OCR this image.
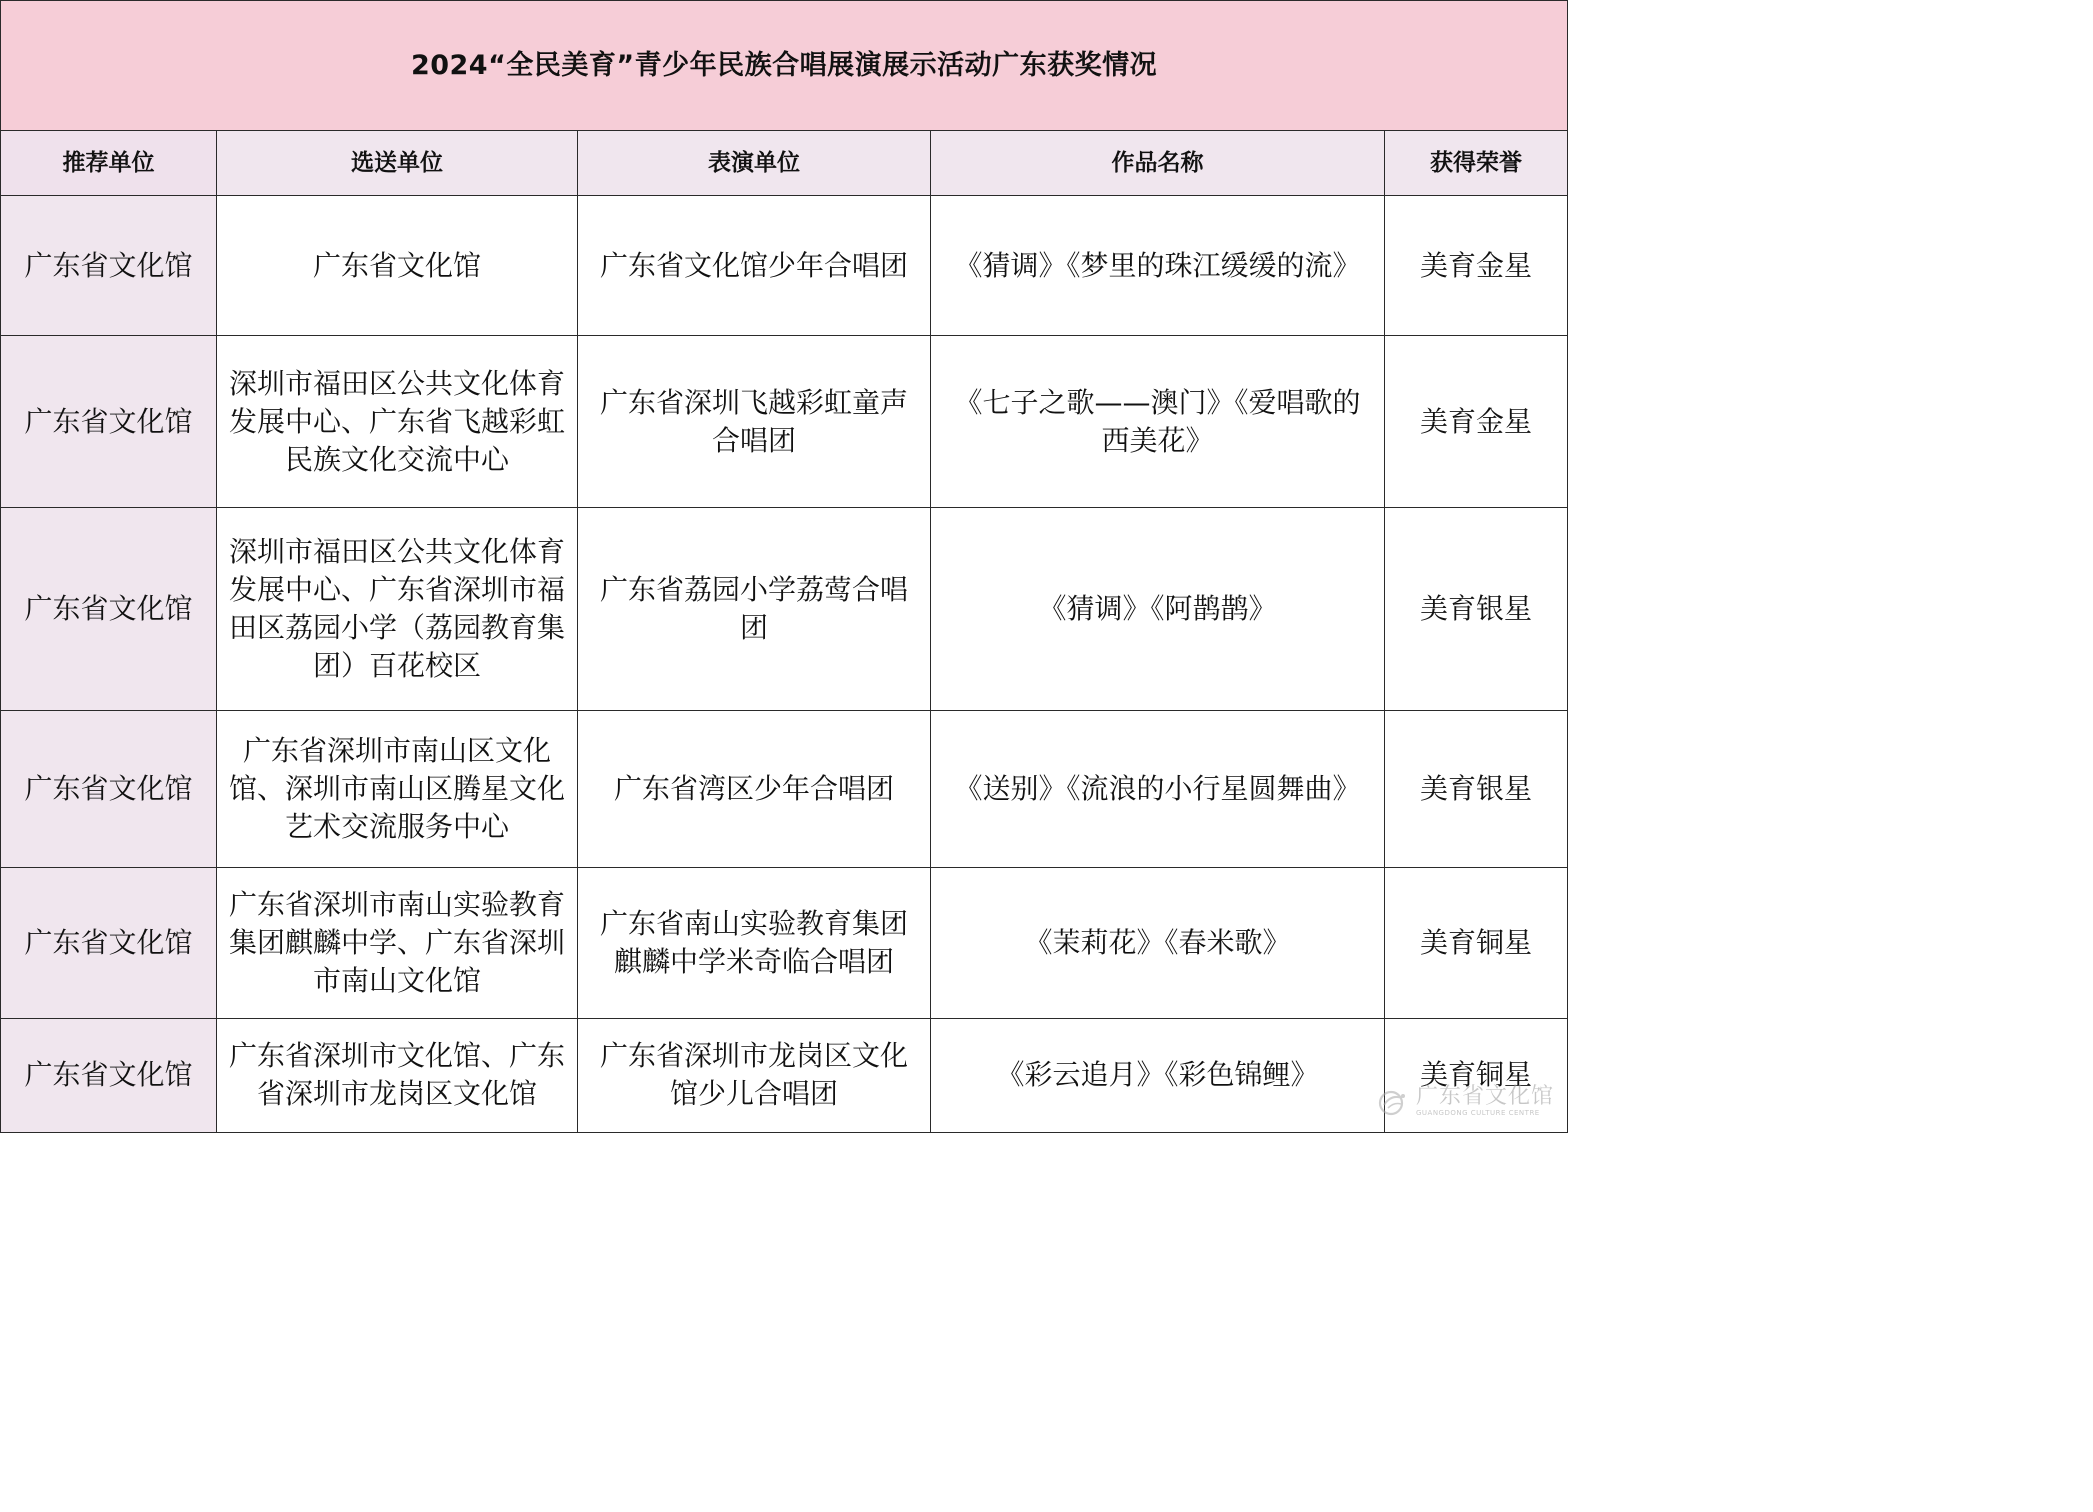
2024“全民美育”青少年民族合唱展演展示活动广东获奖情况				
推荐单位	选送单位	表演单位	作品名称	获得荣誉
广东省文化馆	广东省文化馆	广东省文化馆少年合唱团	《猜调》《梦里的珠江缓缓的流》	美育金星
广东省文化馆	深圳市福田区公共文化体育发展中心、广东省飞越彩虹民族文化交流中心	广东省深圳飞越彩虹童声合唱团	《七子之歌——澳门》《爱唱歌的西美花》	美育金星
广东省文化馆	深圳市福田区公共文化体育发展中心、广东省深圳市福田区荔园小学（荔园教育集团）百花校区	广东省荔园小学荔莺合唱团	《猜调》《阿鹊鹊》	美育银星
广东省文化馆	广东省深圳市南山区文化馆、深圳市南山区腾星文化艺术交流服务中心	广东省湾区少年合唱团	《送别》《流浪的小行星圆舞曲》	美育银星
广东省文化馆	广东省深圳市南山实验教育集团麒麟中学、广东省深圳市南山文化馆	广东省南山实验教育集团麒麟中学米奇临合唱团	《茉莉花》《春米歌》	美育铜星
广东省文化馆	广东省深圳市文化馆、广东省深圳市龙岗区文化馆	广东省深圳市龙岗区文化馆少儿合唱团	《彩云追月》《彩色锦鲤》	美育铜星
广东省文化馆
GUANGDONG CULTURE CENTRE
